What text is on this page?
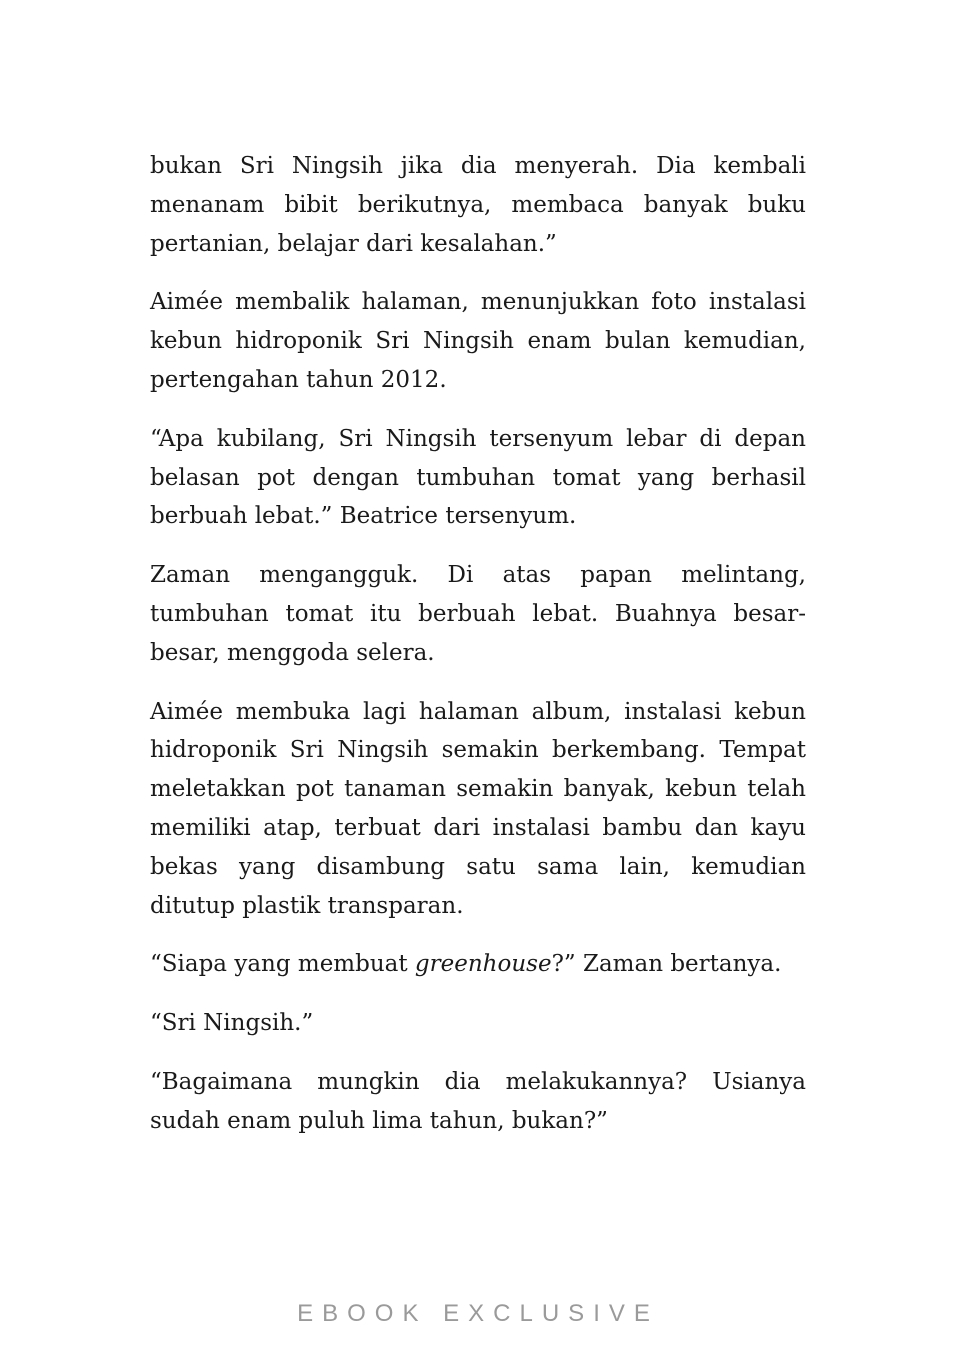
bukan Sri Ningsih jika dia menyerah. Dia kembali menanam bibit berikutnya, membaca banyak buku pertanian, belajar dari kesalahan.”

Aimée membalik halaman, menunjukkan foto instalasi kebun hidroponik Sri Ningsih enam bulan kemudian, pertengahan tahun 2012.

“Apa kubilang, Sri Ningsih tersenyum lebar di depan belasan pot dengan tumbuhan tomat yang berhasil berbuah lebat.” Beatrice tersenyum.

Zaman mengangguk. Di atas papan melintang, tumbuhan tomat itu berbuah lebat. Buahnya besar-besar, menggoda selera.

Aimée membuka lagi halaman album, instalasi kebun hidroponik Sri Ningsih semakin berkembang. Tempat meletakkan pot tanaman semakin banyak, kebun telah memiliki atap, terbuat dari instalasi bambu dan kayu bekas yang disambung satu sama lain, kemudian ditutup plastik transparan.

“Siapa yang membuat greenhouse?” Zaman bertanya.

“Sri Ningsih.”

“Bagaimana mungkin dia melakukannya? Usianya sudah enam puluh lima tahun, bukan?”

EBOOK EXCLUSIVE
